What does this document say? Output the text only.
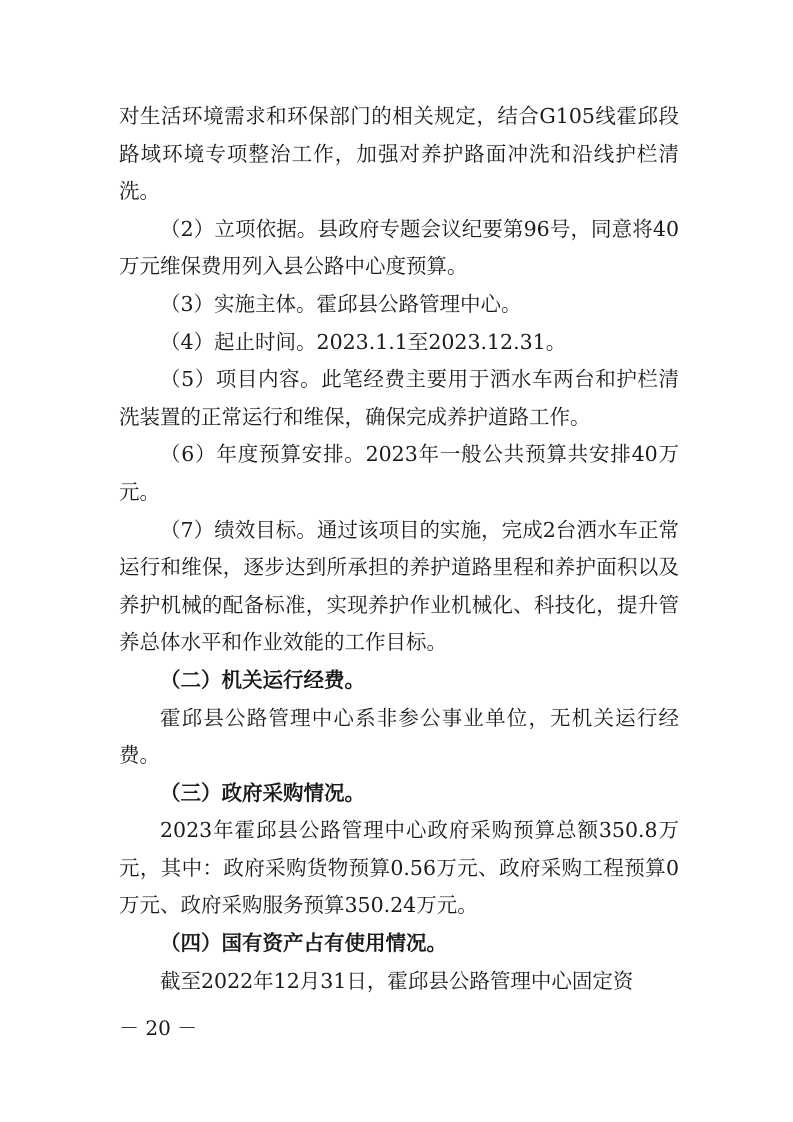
对生活环境需求和环保部门的相关规定，结合G105线霍邱段路域环境专项整治工作，加强对养护路面冲洗和沿线护栏清洗。

（2）立项依据。县政府专题会议纪要第96号，同意将40万元维保费用列入县公路中心度预算。

（3）实施主体。霍邱县公路管理中心。

（4）起止时间。2023.1.1至2023.12.31。

（5）项目内容。此笔经费主要用于洒水车两台和护栏清洗装置的正常运行和维保，确保完成养护道路工作。

（6）年度预算安排。2023年一般公共预算共安排40万元。

（7）绩效目标。通过该项目的实施，完成2台洒水车正常运行和维保，逐步达到所承担的养护道路里程和养护面积以及养护机械的配备标准，实现养护作业机械化、科技化，提升管养总体水平和作业效能的工作目标。

（二）机关运行经费。

霍邱县公路管理中心系非参公事业单位，无机关运行经费。

（三）政府采购情况。

2023年霍邱县公路管理中心政府采购预算总额350.8万元，其中：政府采购货物预算0.56万元、政府采购工程预算0万元、政府采购服务预算350.24万元。

（四）国有资产占有使用情况。

截至2022年12月31日，霍邱县公路管理中心固定资

－ 20 －
